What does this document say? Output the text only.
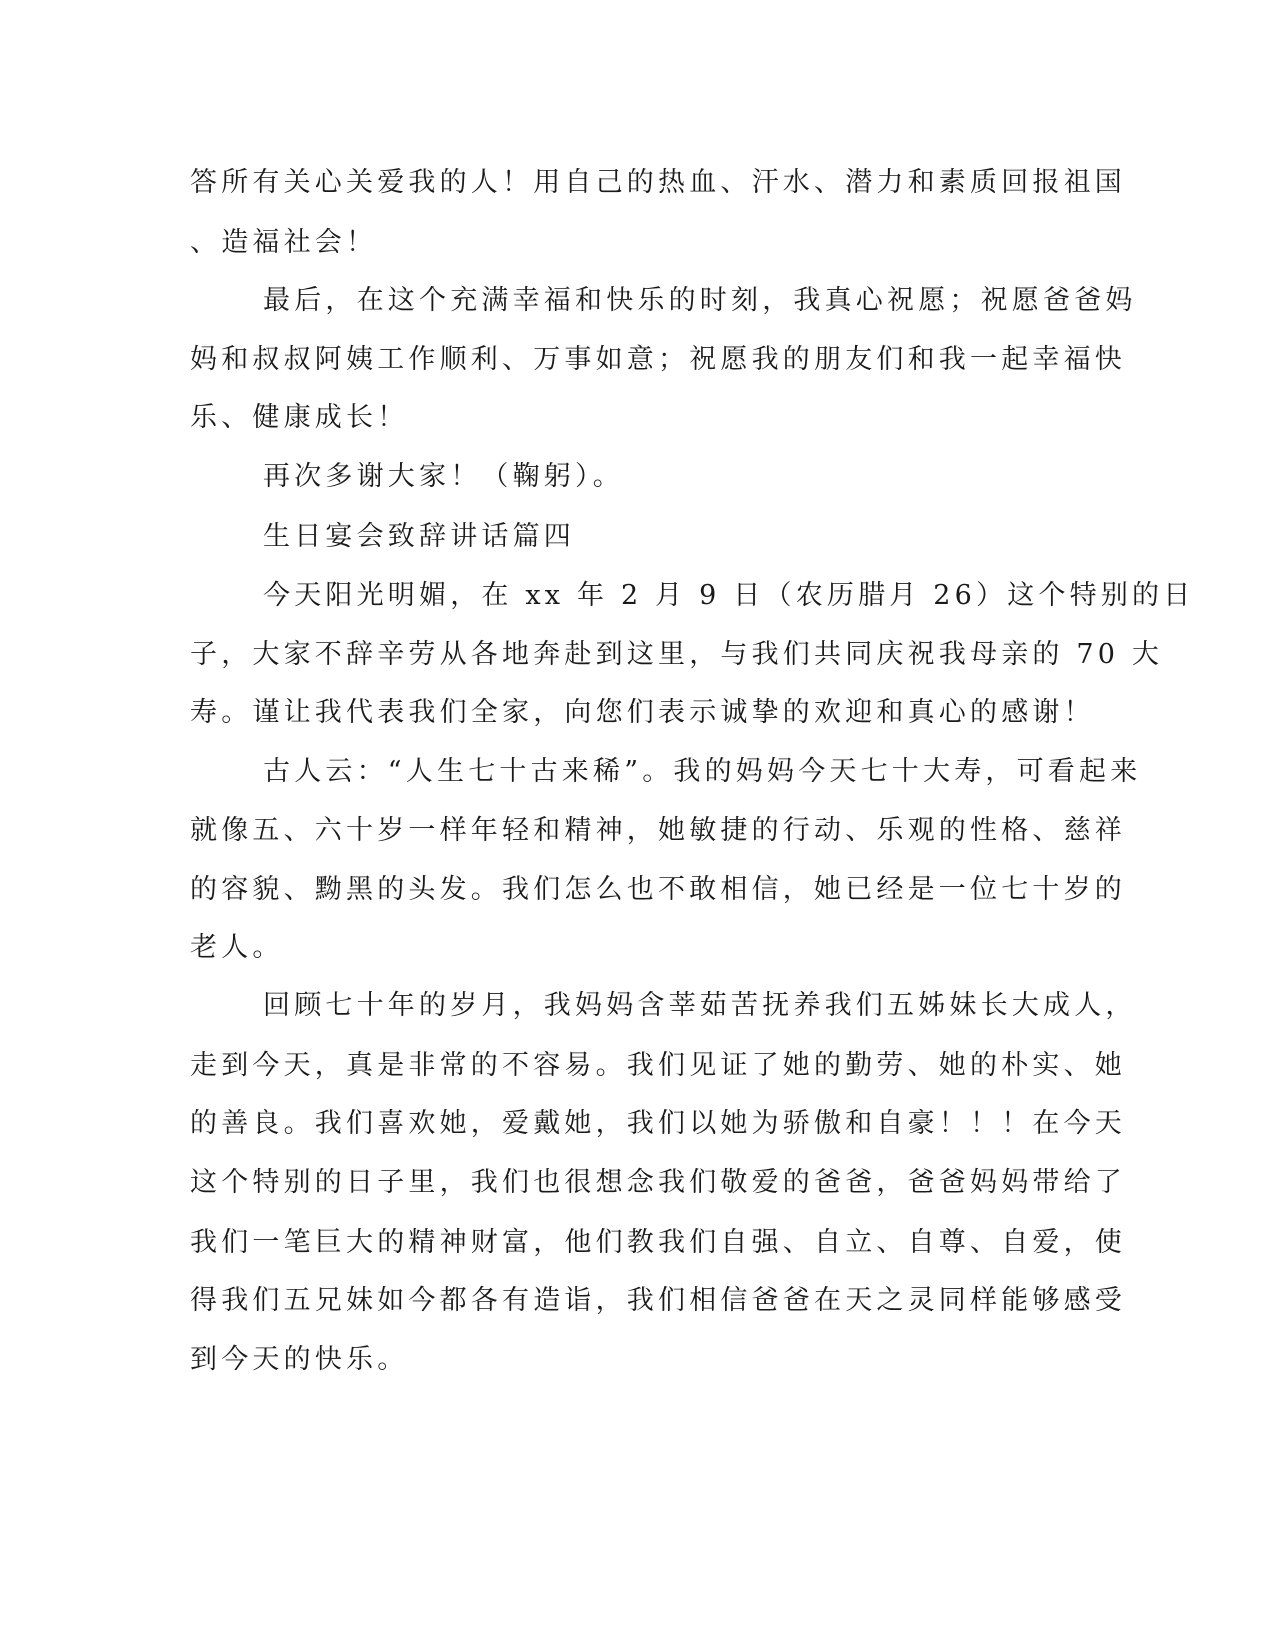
答所有关心关爱我的人！用自己的热血、汗水、潜力和素质回报祖国
、造福社会！
最后，在这个充满幸福和快乐的时刻，我真心祝愿；祝愿爸爸妈
妈和叔叔阿姨工作顺利、万事如意；祝愿我的朋友们和我一起幸福快
乐、健康成长！
再次多谢大家！（鞠躬）。
生日宴会致辞讲话篇四
今天阳光明媚，在 xx 年 2 月 9 日（农历腊月 26）这个特别的日
子，大家不辞辛劳从各地奔赴到这里，与我们共同庆祝我母亲的 70 大
寿。谨让我代表我们全家，向您们表示诚挚的欢迎和真心的感谢！
古人云：“人生七十古来稀”。我的妈妈今天七十大寿，可看起来
就像五、六十岁一样年轻和精神，她敏捷的行动、乐观的性格、慈祥
的容貌、黝黑的头发。我们怎么也不敢相信，她已经是一位七十岁的
老人。
回顾七十年的岁月，我妈妈含莘茹苦抚养我们五姊妹长大成人，
走到今天，真是非常的不容易。我们见证了她的勤劳、她的朴实、她
的善良。我们喜欢她，爱戴她，我们以她为骄傲和自豪！！！在今天
这个特别的日子里，我们也很想念我们敬爱的爸爸，爸爸妈妈带给了
我们一笔巨大的精神财富，他们教我们自强、自立、自尊、自爱，使
得我们五兄妹如今都各有造诣，我们相信爸爸在天之灵同样能够感受
到今天的快乐。
